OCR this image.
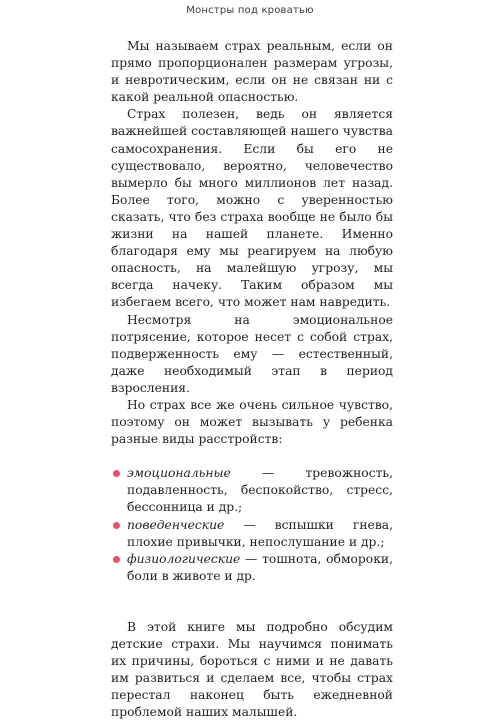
Монстры под кроватью

Мы называем страх реальным, если он прямо пропорционален размерам угрозы, и невротическим, если он не связан ни с какой реальной опасностью.

Страх полезен, ведь он является важнейшей составляющей нашего чувства самосохранения. Если бы его не существовало, вероятно, человечество вымерло бы много миллионов лет назад. Более того, можно с уверенностью сказать, что без страха вообще не было бы жизни на нашей планете. Именно благодаря ему мы реагируем на любую опасность, на малейшую угрозу, мы всегда начеку. Таким образом мы избегаем всего, что может нам навредить.

Несмотря на эмоциональное потрясение, которое несет с собой страх, подверженность ему — естественный, даже необходимый этап в период взросления.

Но страх все же очень сильное чувство, поэтому он может вызывать у ребенка разные виды расстройств:

эмоциональные — тревожность, подавленность, беспокойство, стресс, бессонница и др.;
поведенческие — вспышки гнева, плохие привычки, непослушание и др.;
физиологические — тошнота, обмороки, боли в животе и др.

В этой книге мы подробно обсудим детские страхи. Мы научимся понимать их причины, бороться с ними и не давать им развиться и сделаем все, чтобы страх перестал наконец быть ежедневной проблемой наших малышей.
